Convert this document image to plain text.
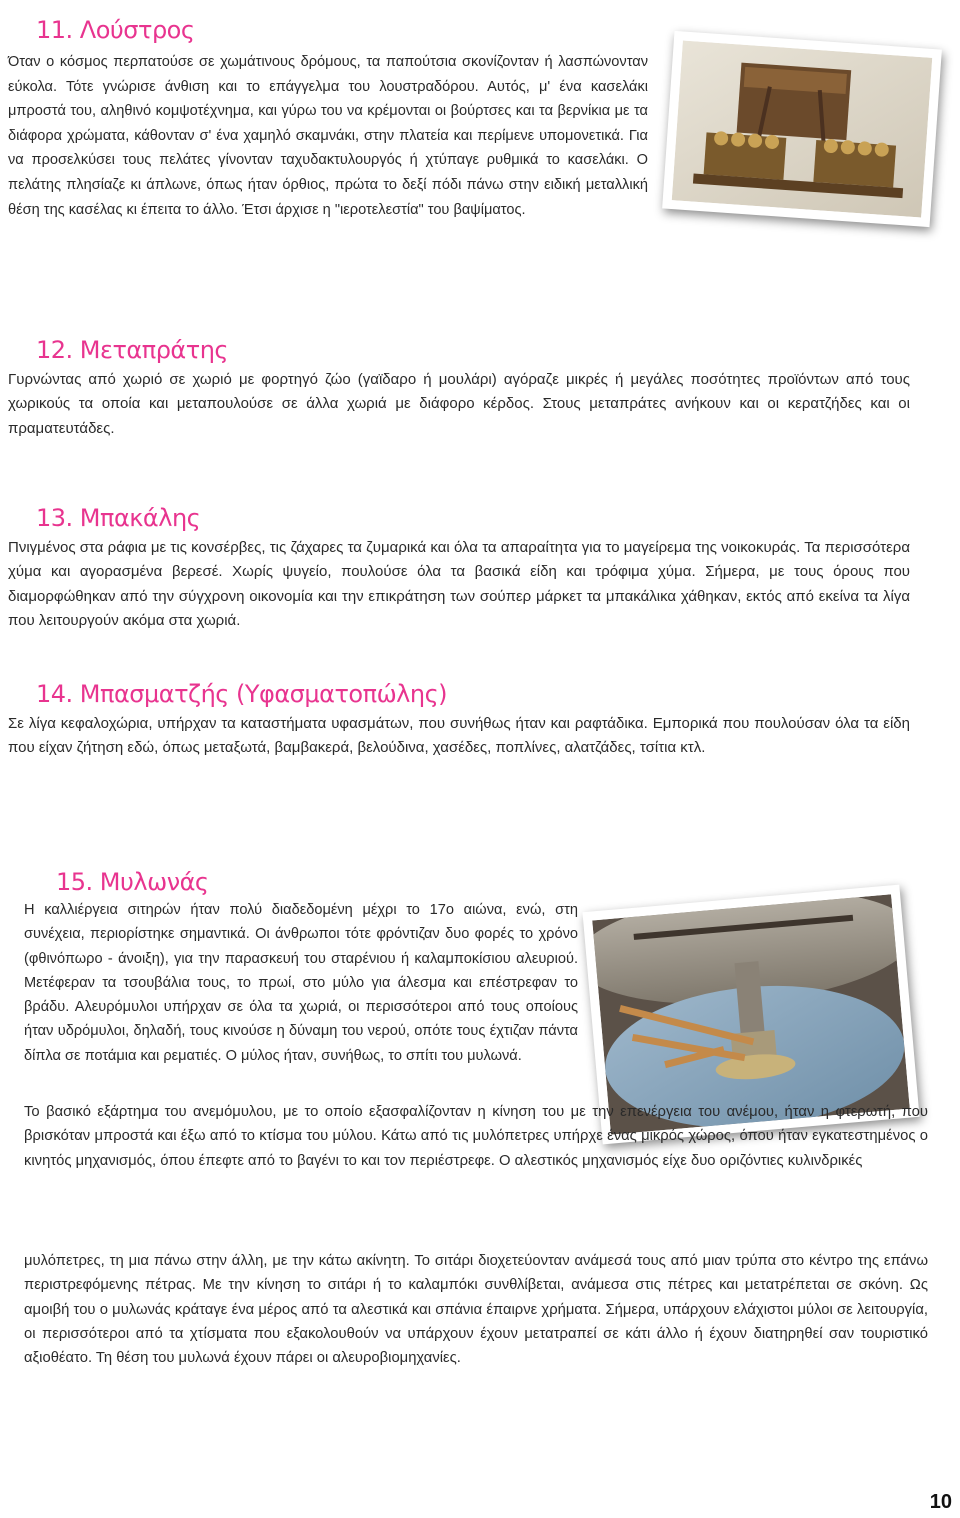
11. Λούστρος

Όταν ο κόσμος περπατούσε σε χωμάτινους δρόμους, τα παπούτσια σκονίζονταν ή λασπώνονταν εύκολα. Τότε γνώρισε άνθιση και το επάγγελμα του λουστραδόρου. Αυτός, μ' ένα κασελάκι μπροστά του, αληθινό κομψοτέχνημα, και γύρω του να κρέμονται οι βούρτσες και τα βερνίκια με τα διάφορα χρώματα, κάθονταν σ' ένα χαμηλό σκαμνάκι, στην πλατεία και περίμενε υπομονετικά. Για να προσελκύσει τους πελάτες γίνονταν ταχυδακτυλουργός ή χτύπαγε ρυθμικά το κασελάκι. Ο πελάτης πλησίαζε κι άπλωνε, όπως ήταν όρθιος, πρώτα το δεξί πόδι πάνω στην ειδική μεταλλική θέση της κασέλας κι έπειτα το άλλο. Έτσι άρχισε η "ιεροτελεστία" του βαψίματος.

12. Μεταπράτης

Γυρνώντας από χωριό σε χωριό με φορτηγό ζώο (γαϊδαρο ή μουλάρι) αγόραζε μικρές ή μεγάλες ποσότητες προϊόντων από τους χωρικούς τα οποία και μεταπουλούσε σε άλλα χωριά με διάφορο κέρδος. Στους μεταπράτες ανήκουν και οι κερατζήδες και οι πραματευτάδες.

13. Μπακάλης

Πνιγμένος στα ράφια με τις κονσέρβες, τις ζάχαρες τα ζυμαρικά και όλα τα απαραίτητα για το μαγείρεμα της νοικοκυράς. Τα περισσότερα χύμα και αγορασμένα βερεσέ. Χωρίς ψυγείο, πουλούσε όλα τα βασικά είδη και τρόφιμα χύμα. Σήμερα, με τους όρους που διαμορφώθηκαν από την σύγχρονη οικονομία και την επικράτηση των σούπερ μάρκετ τα μπακάλικα χάθηκαν, εκτός από εκείνα τα λίγα που λειτουργούν ακόμα στα χωριά.

14. Μπασματζής (Υφασματοπώλης)

Σε λίγα κεφαλοχώρια, υπήρχαν τα καταστήματα υφασμάτων, που συνήθως ήταν και ραφτάδικα. Εμπορικά που πουλούσαν όλα τα είδη που είχαν ζήτηση εδώ, όπως μεταξωτά, βαμβακερά, βελούδινα, χασέδες, ποπλίνες, αλατζάδες, τσίτια κτλ.

15. Μυλωνάς

Η καλλιέργεια σιτηρών ήταν πολύ διαδεδομένη μέχρι το 17ο αιώνα, ενώ, στη συνέχεια, περιορίστηκε σημαντικά. Οι άνθρωποι τότε φρόντιζαν δυο φορές το χρόνο (φθινόπωρο - άνοιξη), για την παρασκευή του σταρένιου ή καλαμποκίσιου αλευριού. Μετέφεραν τα τσουβάλια τους, το πρωί, στο μύλο για άλεσμα και επέστρεφαν το βράδυ. Αλευρόμυλοι υπήρχαν σε όλα τα χωριά, οι περισσότεροι από τους οποίους ήταν υδρόμυλοι, δηλαδή, τους κινούσε η δύναμη του νερού, οπότε τους έχτιζαν πάντα δίπλα σε ποτάμια και ρεματιές. Ο μύλος ήταν, συνήθως, το σπίτι του μυλωνά.

Το βασικό εξάρτημα του ανεμόμυλου, με το οποίο εξασφαλίζονταν η κίνηση του με την επενέργεια του ανέμου, ήταν η φτερωτή, που βρισκόταν μπροστά και έξω από το κτίσμα του μύλου. Κάτω από τις μυλόπετρες υπήρχε ένας μικρός χώρος, όπου ήταν εγκατεστημένος ο κινητός μηχανισμός, όπου έπεφτε από το βαγένι το και τον περιέστρεφε. Ο αλεστικός μηχανισμός είχε δυο οριζόντιες κυλινδρικές

μυλόπετρες, τη μια πάνω στην άλλη, με την κάτω ακίνητη. Το σιτάρι διοχετεύονταν ανάμεσά τους από μιαν τρύπα στο κέντρο της επάνω περιστρεφόμενης πέτρας. Με την κίνηση το σιτάρι ή το καλαμπόκι συνθλίβεται, ανάμεσα στις πέτρες και μετατρέπεται σε σκόνη. Ως αμοιβή του ο μυλωνάς κράταγε ένα μέρος από τα αλεστικά και σπάνια έπαιρνε χρήματα. Σήμερα, υπάρχουν ελάχιστοι μύλοι σε λειτουργία, οι περισσότεροι από τα χτίσματα που εξακολουθούν να υπάρχουν έχουν μετατραπεί σε κάτι άλλο ή έχουν διατηρηθεί σαν τουριστικό αξιοθέατο. Τη θέση του μυλωνά έχουν πάρει οι αλευροβιομηχανίες.

10
